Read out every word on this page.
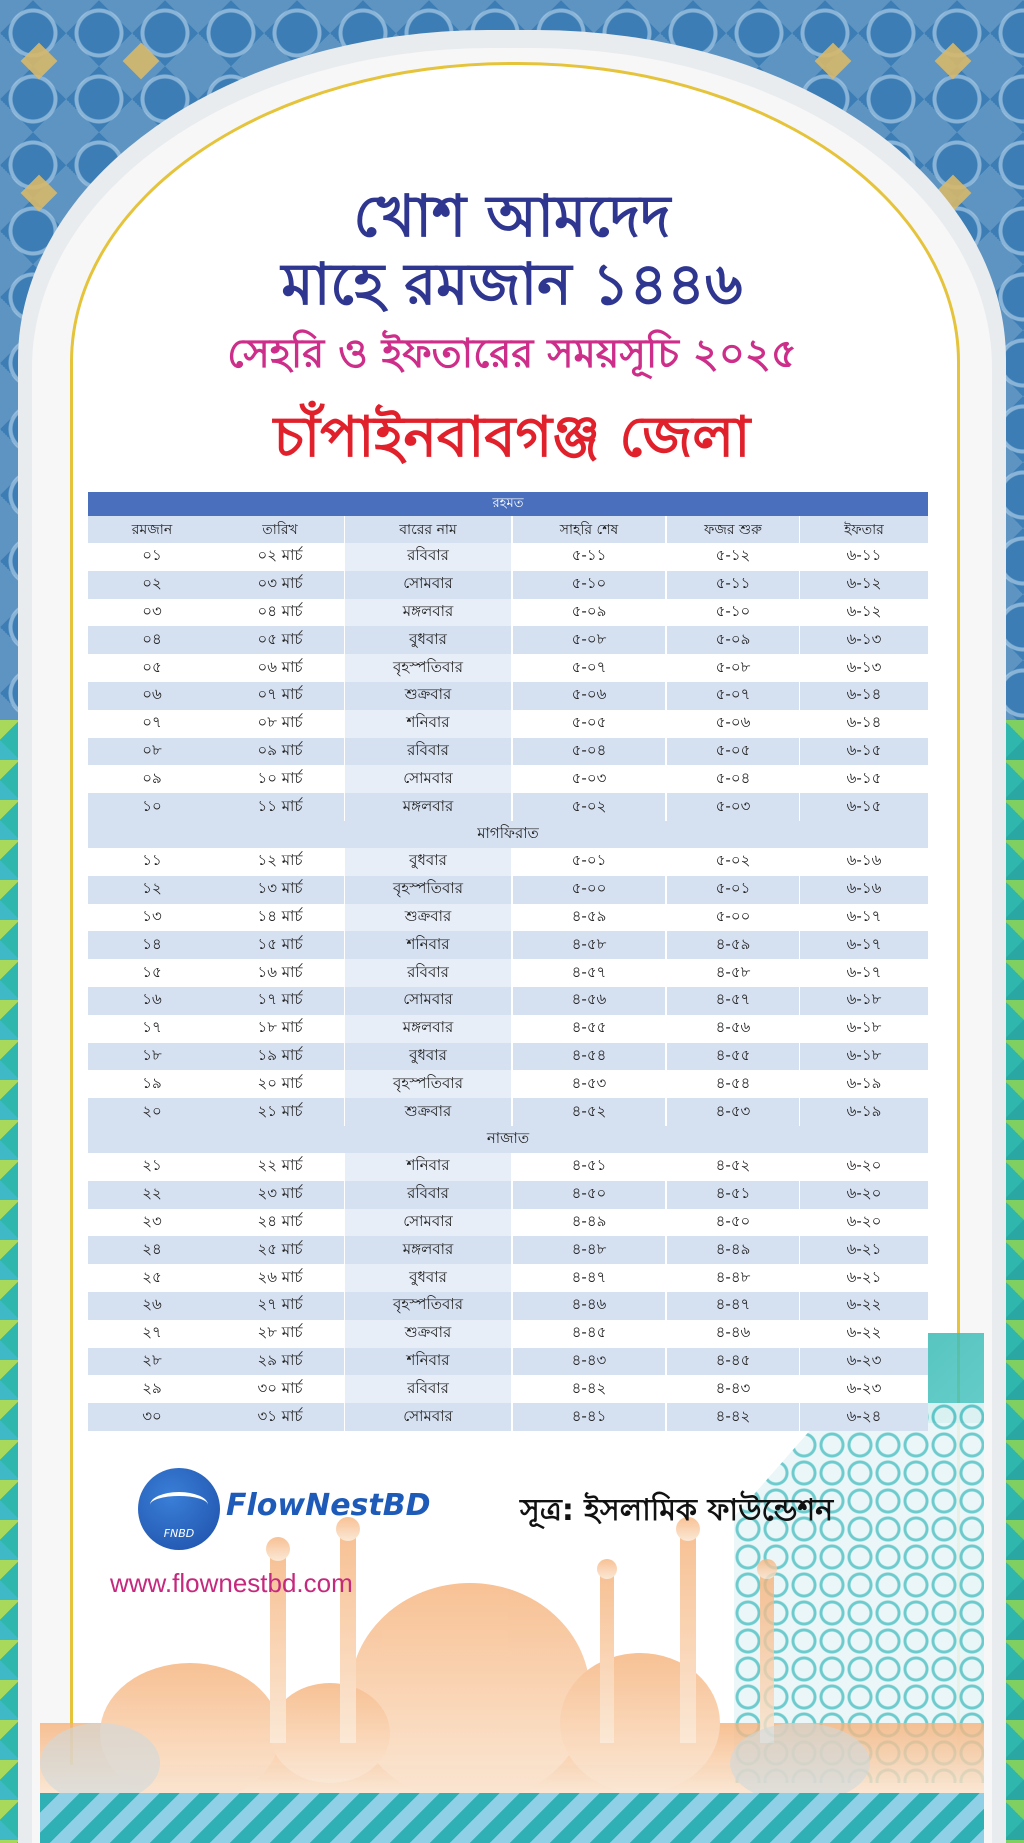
খোশ আমদেদ
মাহে রমজান ১৪৪৬
সেহরি ও ইফতারের সময়সূচি ২০২৫
চাঁপাইনবাবগঞ্জ জেলা
রহমত
রমজান	তারিখ	বারের নাম	সাহরি শেষ	ফজর শুরু	ইফতার
০১	০২ মার্চ	রবিবার	৫-১১	৫-১২	৬-১১
০২	০৩ মার্চ	সোমবার	৫-১০	৫-১১	৬-১২
০৩	০৪ মার্চ	মঙ্গলবার	৫-০৯	৫-১০	৬-১২
০৪	০৫ মার্চ	বুধবার	৫-০৮	৫-০৯	৬-১৩
০৫	০৬ মার্চ	বৃহস্পতিবার	৫-০৭	৫-০৮	৬-১৩
০৬	০৭ মার্চ	শুক্রবার	৫-০৬	৫-০৭	৬-১৪
০৭	০৮ মার্চ	শনিবার	৫-০৫	৫-০৬	৬-১৪
০৮	০৯ মার্চ	রবিবার	৫-০৪	৫-০৫	৬-১৫
০৯	১০ মার্চ	সোমবার	৫-০৩	৫-০৪	৬-১৫
১০	১১ মার্চ	মঙ্গলবার	৫-০২	৫-০৩	৬-১৫
মাগফিরাত
১১	১২ মার্চ	বুধবার	৫-০১	৫-০২	৬-১৬
১২	১৩ মার্চ	বৃহস্পতিবার	৫-০০	৫-০১	৬-১৬
১৩	১৪ মার্চ	শুক্রবার	৪-৫৯	৫-০০	৬-১৭
১৪	১৫ মার্চ	শনিবার	৪-৫৮	৪-৫৯	৬-১৭
১৫	১৬ মার্চ	রবিবার	৪-৫৭	৪-৫৮	৬-১৭
১৬	১৭ মার্চ	সোমবার	৪-৫৬	৪-৫৭	৬-১৮
১৭	১৮ মার্চ	মঙ্গলবার	৪-৫৫	৪-৫৬	৬-১৮
১৮	১৯ মার্চ	বুধবার	৪-৫৪	৪-৫৫	৬-১৮
১৯	২০ মার্চ	বৃহস্পতিবার	৪-৫৩	৪-৫৪	৬-১৯
২০	২১ মার্চ	শুক্রবার	৪-৫২	৪-৫৩	৬-১৯
নাজাত
২১	২২ মার্চ	শনিবার	৪-৫১	৪-৫২	৬-২০
২২	২৩ মার্চ	রবিবার	৪-৫০	৪-৫১	৬-২০
২৩	২৪ মার্চ	সোমবার	৪-৪৯	৪-৫০	৬-২০
২৪	২৫ মার্চ	মঙ্গলবার	৪-৪৮	৪-৪৯	৬-২১
২৫	২৬ মার্চ	বুধবার	৪-৪৭	৪-৪৮	৬-২১
২৬	২৭ মার্চ	বৃহস্পতিবার	৪-৪৬	৪-৪৭	৬-২২
২৭	২৮ মার্চ	শুক্রবার	৪-৪৫	৪-৪৬	৬-২২
২৮	২৯ মার্চ	শনিবার	৪-৪৩	৪-৪৫	৬-২৩
২৯	৩০ মার্চ	রবিবার	৪-৪২	৪-৪৩	৬-২৩
৩০	৩১ মার্চ	সোমবার	৪-৪১	৪-৪২	৬-২৪
FNBD
FlowNestBD	সূত্র: ইসলামিক ফাউন্ডেশন
www.flownestbd.com
